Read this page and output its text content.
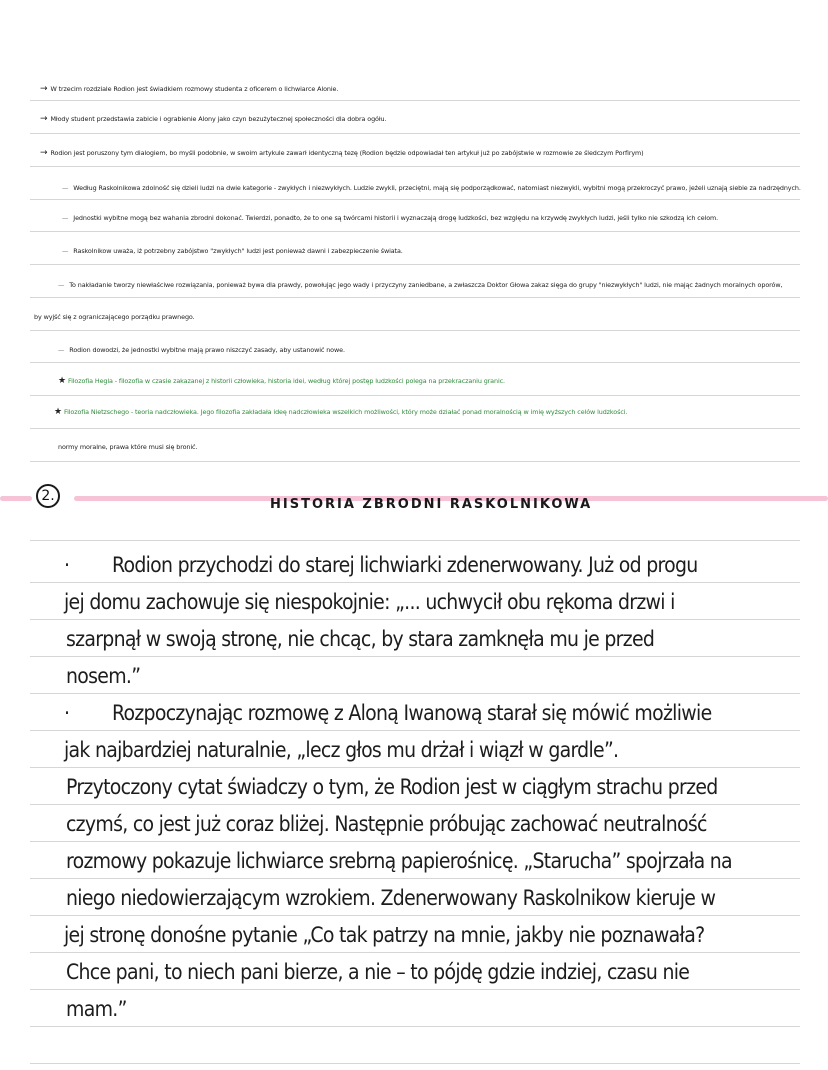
→ W trzecim rozdziale Rodion jest świadkiem rozmowy studenta z oficerem o lichwiarce Alonie.
→ Młody student przedstawia zabicie i ograbienie Alony jako czyn bezużytecznej społeczności dla dobra ogółu.
→ Rodion jest poruszony tym dialogiem, bo myśli podobnie, w swoim artykule zawarł identyczną tezę (Rodion będzie odpowiadał ten artykuł już po zabójstwie w rozmowie ze śledczym Porfirym)
— Według Raskolnikowa zdolność się dzieli ludzi na dwie kategorie - zwykłych i niezwykłych. Ludzie zwykli, przeciętni, mają się podporządkować, natomiast niezwykli, wybitni mogą przekroczyć prawo, jeżeli uznają siebie za nadrzędnych.
— Jednostki wybitne mogą bez wahania zbrodni dokonać. Twierdzi, ponadto, że to one są twórcami historii i wyznaczają drogę ludzkości, bez względu na krzywdę zwykłych ludzi, jeśli tylko nie szkodzą ich celom.
— Raskolnikow uważa, iż potrzebny zabójstwo "zwykłych" ludzi jest ponieważ dawni i zabezpieczenie świata.
— To nakładanie tworzy niewłaściwe rozwiązania, ponieważ bywa dla prawdy, powołując jego wady i przyczyny zaniedbane, a zwłaszcza Doktor Głowa zakaz sięga do grupy "niezwykłych" ludzi, nie mając żadnych moralnych oporów,
by wyjść się z ograniczającego porządku prawnego.
— Rodion dowodzi, że jednostki wybitne mają prawo niszczyć zasady, aby ustanowić nowe.
★ Filozofia Hegla - filozofia w czasie zakazanej z historii człowieka, historia idei, według której postęp ludzkości polega na przekraczaniu granic.
★ Filozofia Nietzschego - teoria nadczłowieka. Jego filozofia zakładała ideę nadczłowieka wszelkich możliwości, który może działać ponad moralnością w imię wyższych celów ludzkości.
normy moralne, prawa które musi się bronić.
2.
HISTORIA ZBRODNI RASKOLNIKOWA
· Rodion przychodzi do starej lichwiarki zdenerwowany. Już od progu
jej domu zachowuje się niespokojnie: „... uchwycił obu rękoma drzwi i
szarpnął w swoją stronę, nie chcąc, by stara zamknęła mu je przed
nosem.”
· Rozpoczynając rozmowę z Aloną Iwanową starał się mówić możliwie
jak najbardziej naturalnie, „lecz głos mu drżał i wiązł w gardle”.
Przytoczony cytat świadczy o tym, że Rodion jest w ciągłym strachu przed
czymś, co jest już coraz bliżej. Następnie próbując zachować neutralność
rozmowy pokazuje lichwiarce srebrną papierośnicę. „Starucha” spojrzała na
niego niedowierzającym wzrokiem. Zdenerwowany Raskolnikow kieruje w
jej stronę donośne pytanie „Co tak patrzy na mnie, jakby nie poznawała?
Chce pani, to niech pani bierze, a nie – to pójdę gdzie indziej, czasu nie
mam.”
